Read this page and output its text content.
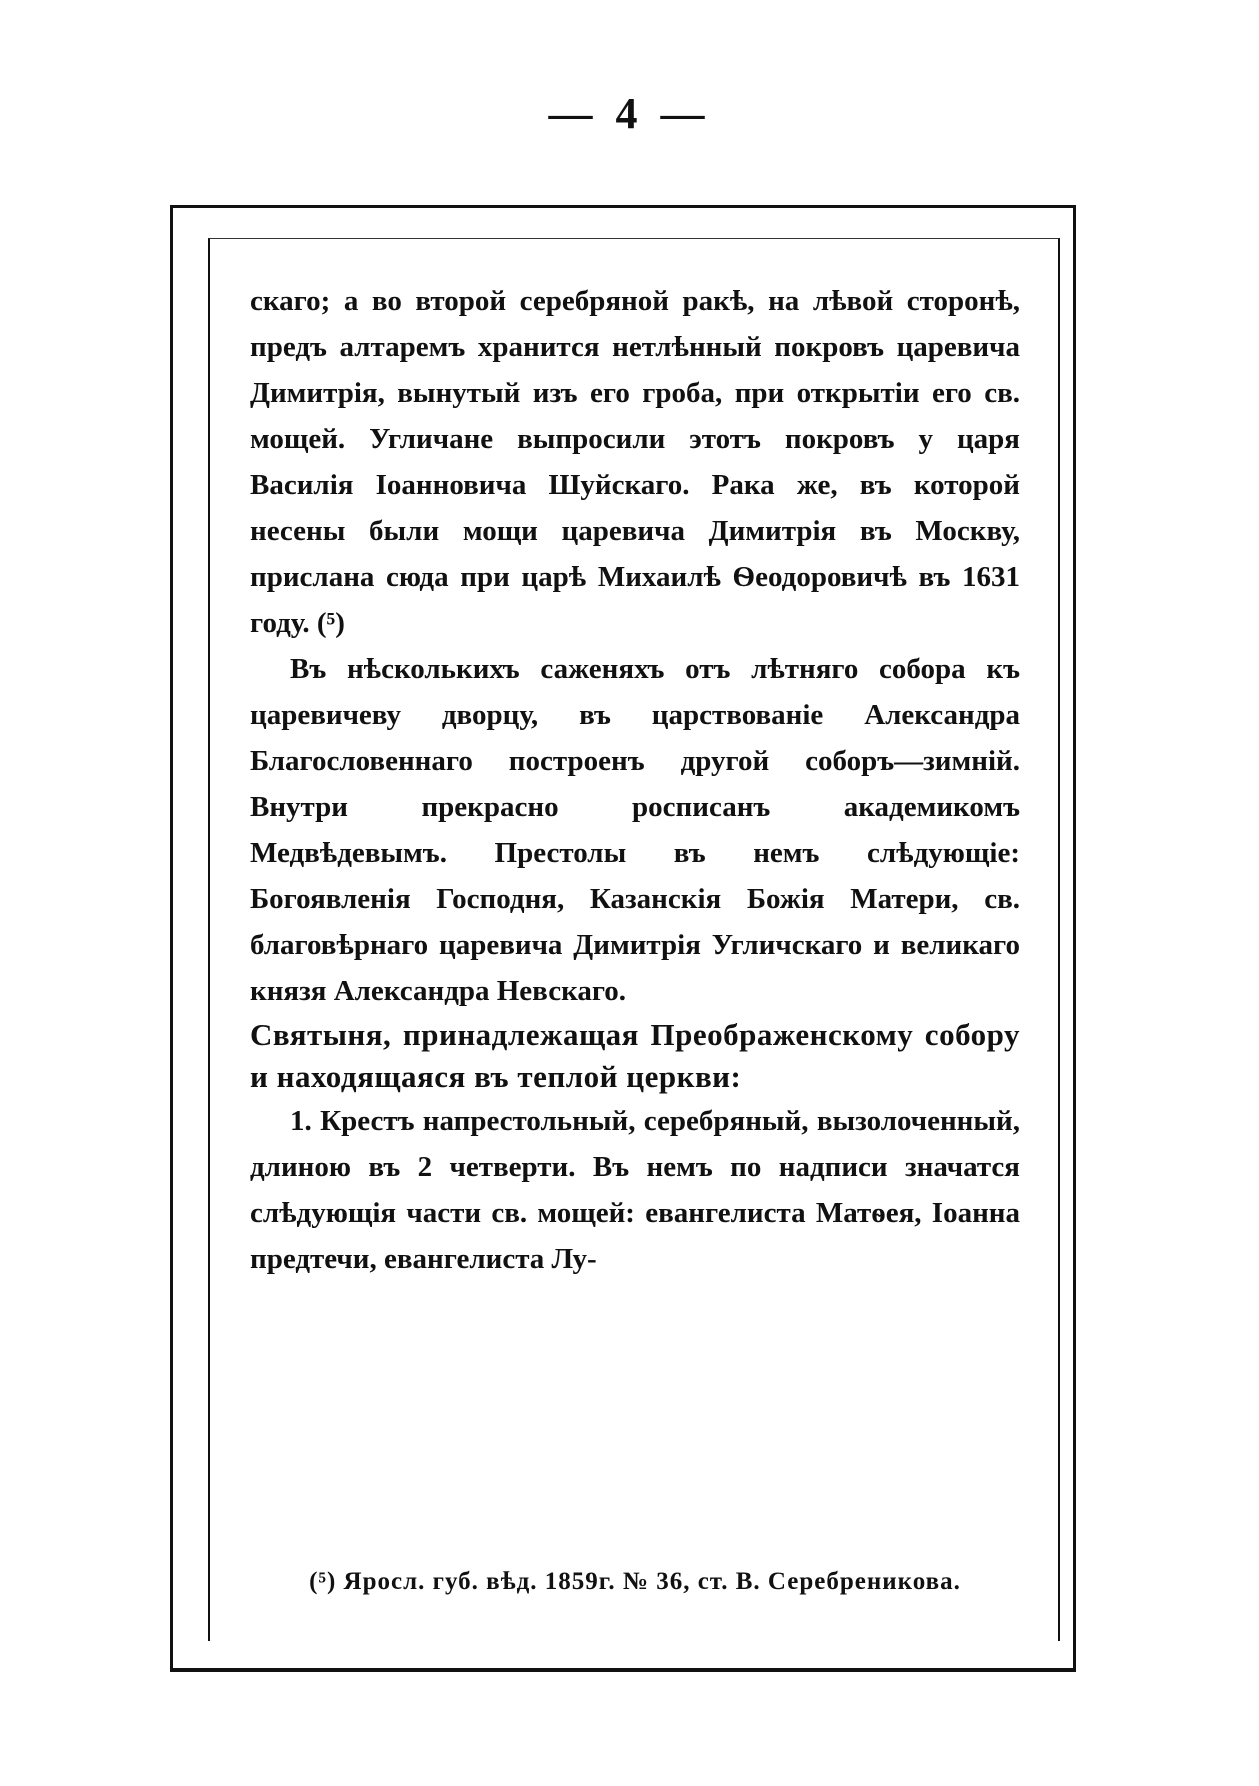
— 4 —

скаго; а во второй серебряной ракѣ, на лѣвой сторонѣ, предъ алтаремъ хранится нетлѣнный покровъ царевича Димитрія, вынутый изъ его гроба, при открытіи его св. мощей. Угличане выпросили этотъ покровъ у царя Василія Іоанновича Шуйскаго. Рака же, въ которой несены были мощи царевича Димитрія въ Москву, прислана сюда при царѣ Михаилѣ Ѳеодоровичѣ въ 1631 году. (⁵)

Въ нѣсколькихъ саженяхъ отъ лѣтняго собора къ царевичеву дворцу, въ царствованіе Александра Благословеннаго построенъ другой соборъ—зимній. Внутри прекрасно росписанъ академикомъ Медвѣдевымъ. Престолы въ немъ слѣдующіе: Богоявленія Господня, Казанскія Божія Матери, св. благовѣрнаго царевича Димитрія Угличскаго и великаго князя Александра Невскаго.

Святыня, принадлежащая Преображенскому собору и находящаяся въ теплой церкви:

1. Крестъ напрестольный, серебряный, вызолоченный, длиною въ 2 четверти. Въ немъ по надписи значатся слѣдующія части св. мощей: евангелиста Матѳея, Іоанна предтечи, евангелиста Лу-

(⁵) Яросл. губ. вѣд. 1859г. № 36, ст. В. Серебреникова.
